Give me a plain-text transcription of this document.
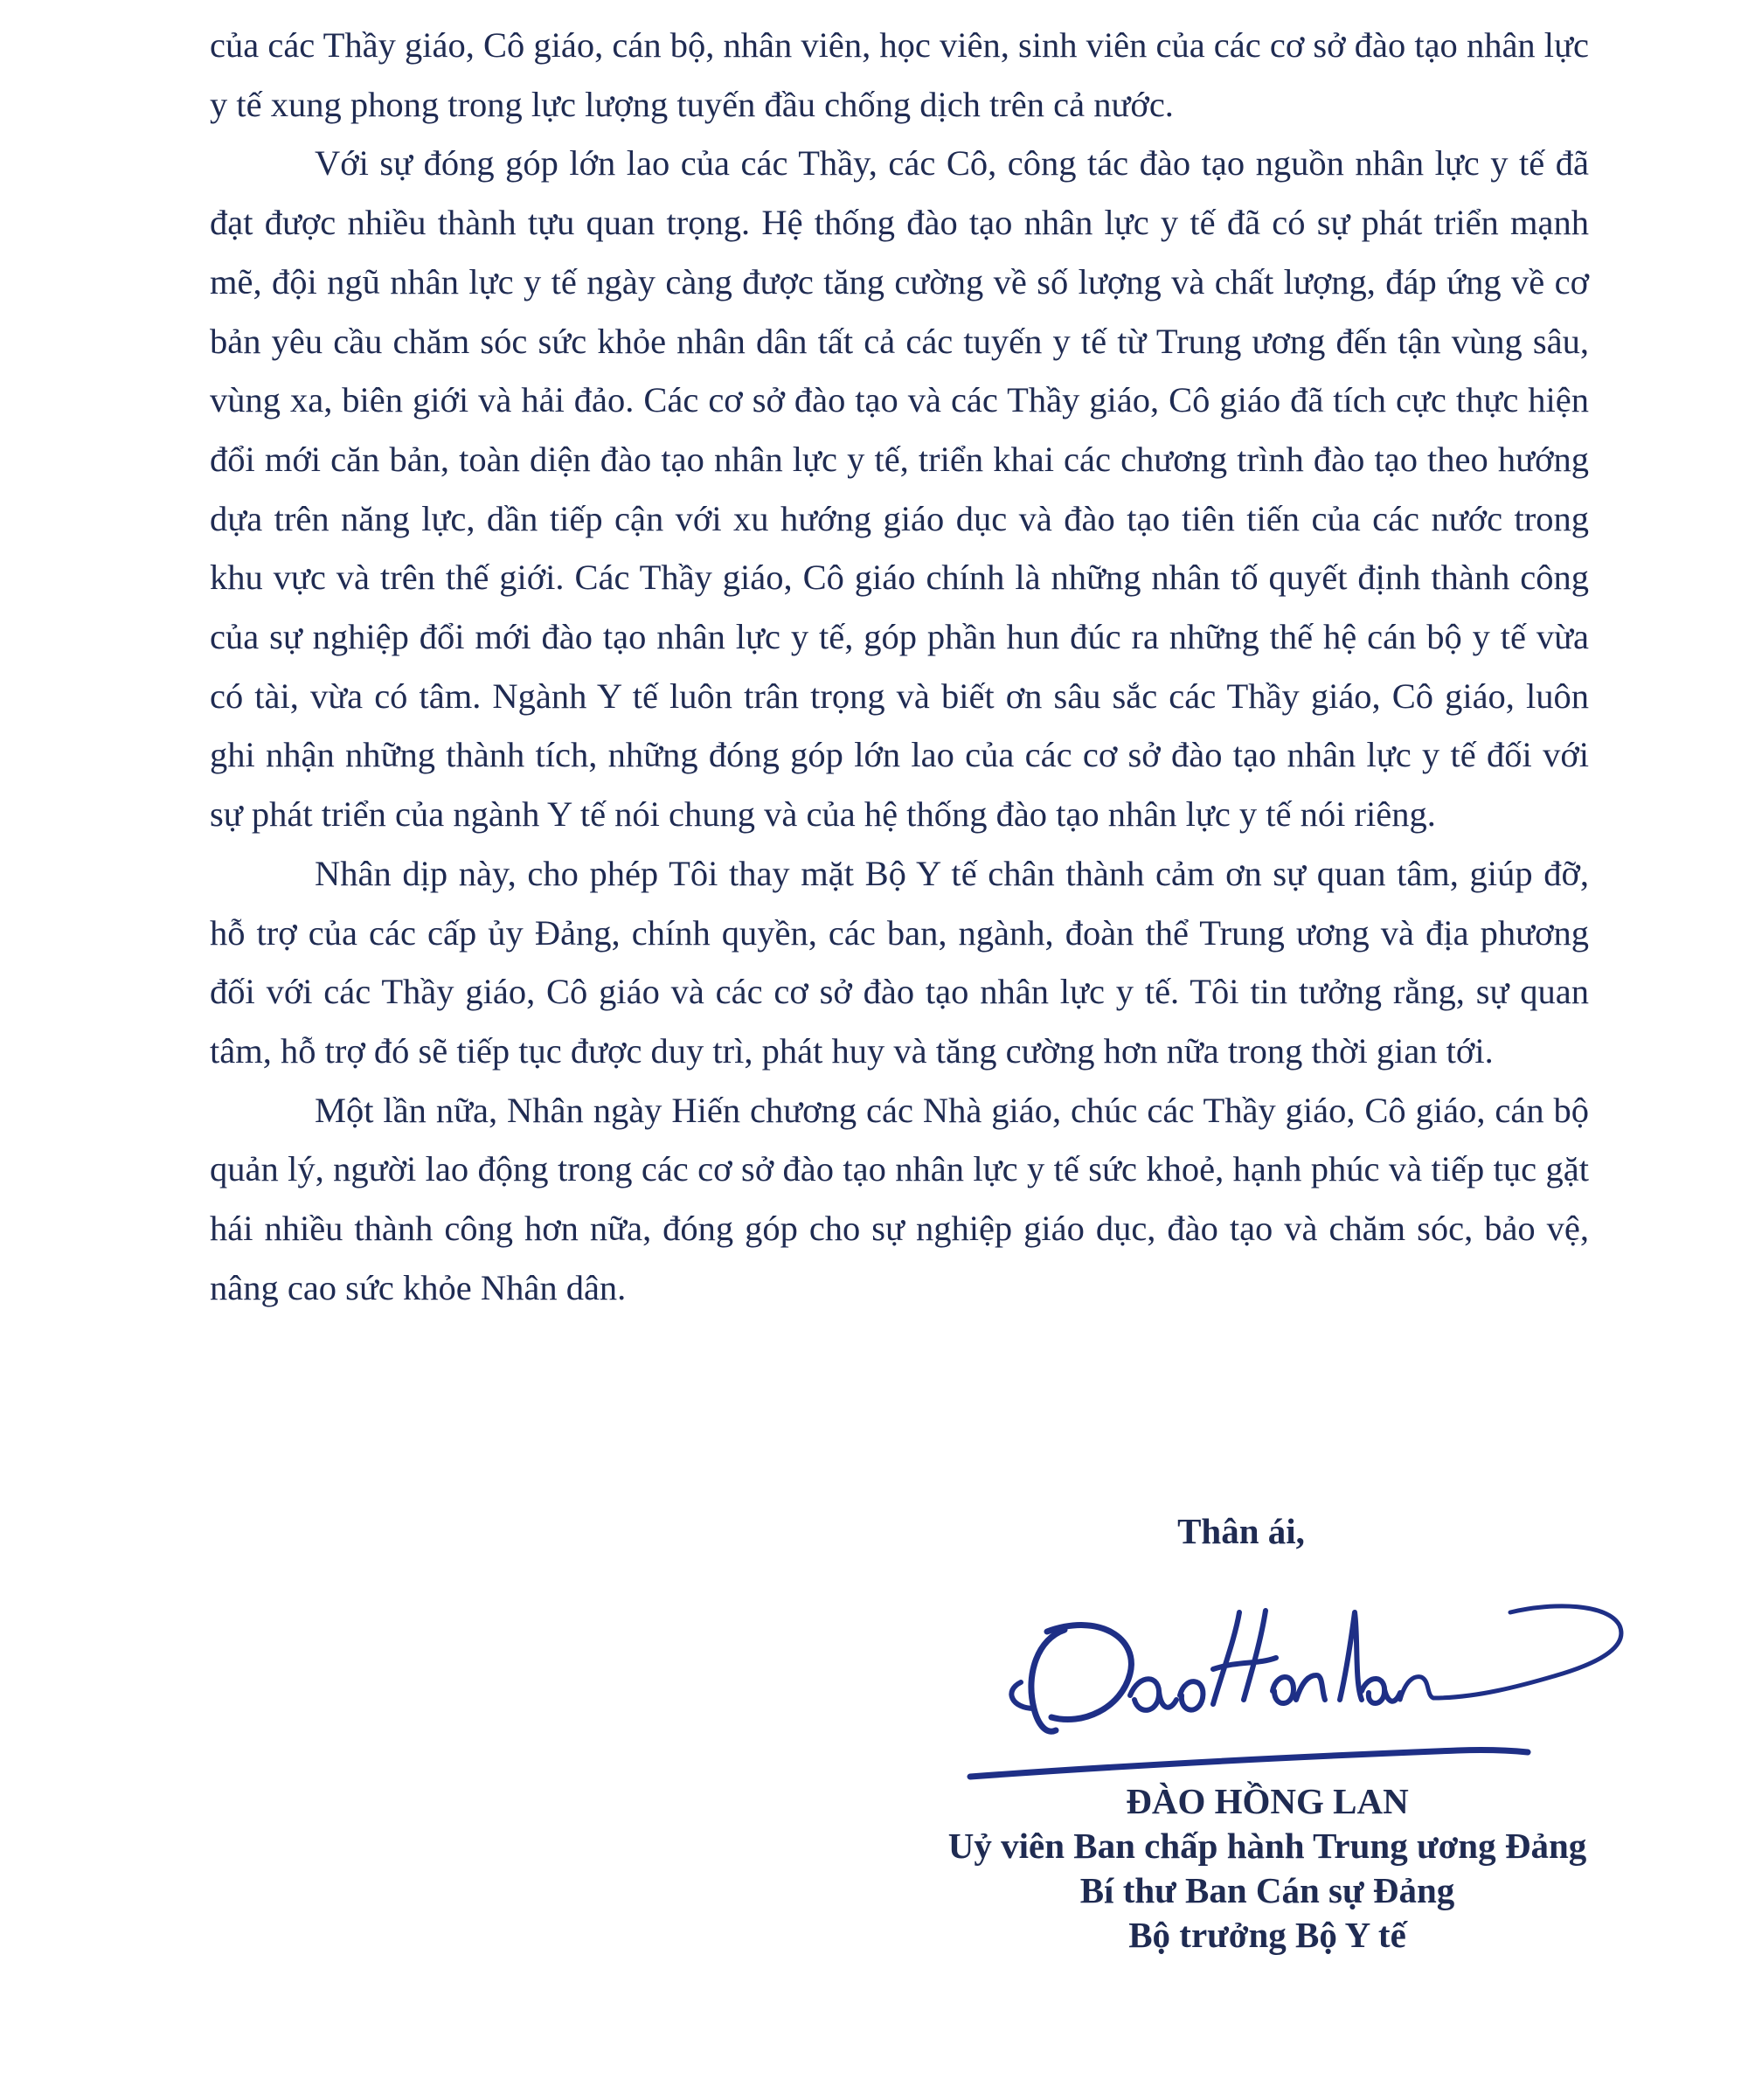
của các Thầy giáo, Cô giáo, cán bộ, nhân viên, học viên, sinh viên của các cơ sở đào tạo nhân lực y tế xung phong trong lực lượng tuyến đầu chống dịch trên cả nước.

Với sự đóng góp lớn lao của các Thầy, các Cô, công tác đào tạo nguồn nhân lực y tế đã đạt được nhiều thành tựu quan trọng. Hệ thống đào tạo nhân lực y tế đã có sự phát triển mạnh mẽ, đội ngũ nhân lực y tế ngày càng được tăng cường về số lượng và chất lượng, đáp ứng về cơ bản yêu cầu chăm sóc sức khỏe nhân dân tất cả các tuyến y tế từ Trung ương đến tận vùng sâu, vùng xa, biên giới và hải đảo. Các cơ sở đào tạo và các Thầy giáo, Cô giáo đã tích cực thực hiện đổi mới căn bản, toàn diện đào tạo nhân lực y tế, triển khai các chương trình đào tạo theo hướng dựa trên năng lực, dần tiếp cận với xu hướng giáo dục và đào tạo tiên tiến của các nước trong khu vực và trên thế giới. Các Thầy giáo, Cô giáo chính là những nhân tố quyết định thành công của sự nghiệp đổi mới đào tạo nhân lực y tế, góp phần hun đúc ra những thế hệ cán bộ y tế vừa có tài, vừa có tâm. Ngành Y tế luôn trân trọng và biết ơn sâu sắc các Thầy giáo, Cô giáo, luôn ghi nhận những thành tích, những đóng góp lớn lao của các cơ sở đào tạo nhân lực y tế đối với sự phát triển của ngành Y tế nói chung và của hệ thống đào tạo nhân lực y tế nói riêng.

Nhân dịp này, cho phép Tôi thay mặt Bộ Y tế chân thành cảm ơn sự quan tâm, giúp đỡ, hỗ trợ của các cấp ủy Đảng, chính quyền, các ban, ngành, đoàn thể Trung ương và địa phương đối với các Thầy giáo, Cô giáo và các cơ sở đào tạo nhân lực y tế. Tôi tin tưởng rằng, sự quan tâm, hỗ trợ đó sẽ tiếp tục được duy trì, phát huy và tăng cường hơn nữa trong thời gian tới.

Một lần nữa, Nhân ngày Hiến chương các Nhà giáo, chúc các Thầy giáo, Cô giáo, cán bộ quản lý, người lao động trong các cơ sở đào tạo nhân lực y tế sức khoẻ, hạnh phúc và tiếp tục gặt hái nhiều thành công hơn nữa, đóng góp cho sự nghiệp giáo dục, đào tạo và chăm sóc, bảo vệ, nâng cao sức khỏe Nhân dân.

Thân ái,
ĐÀO HỒNG LAN
Uỷ viên Ban chấp hành Trung ương Đảng
Bí thư Ban Cán sự Đảng
Bộ trưởng Bộ Y tế
